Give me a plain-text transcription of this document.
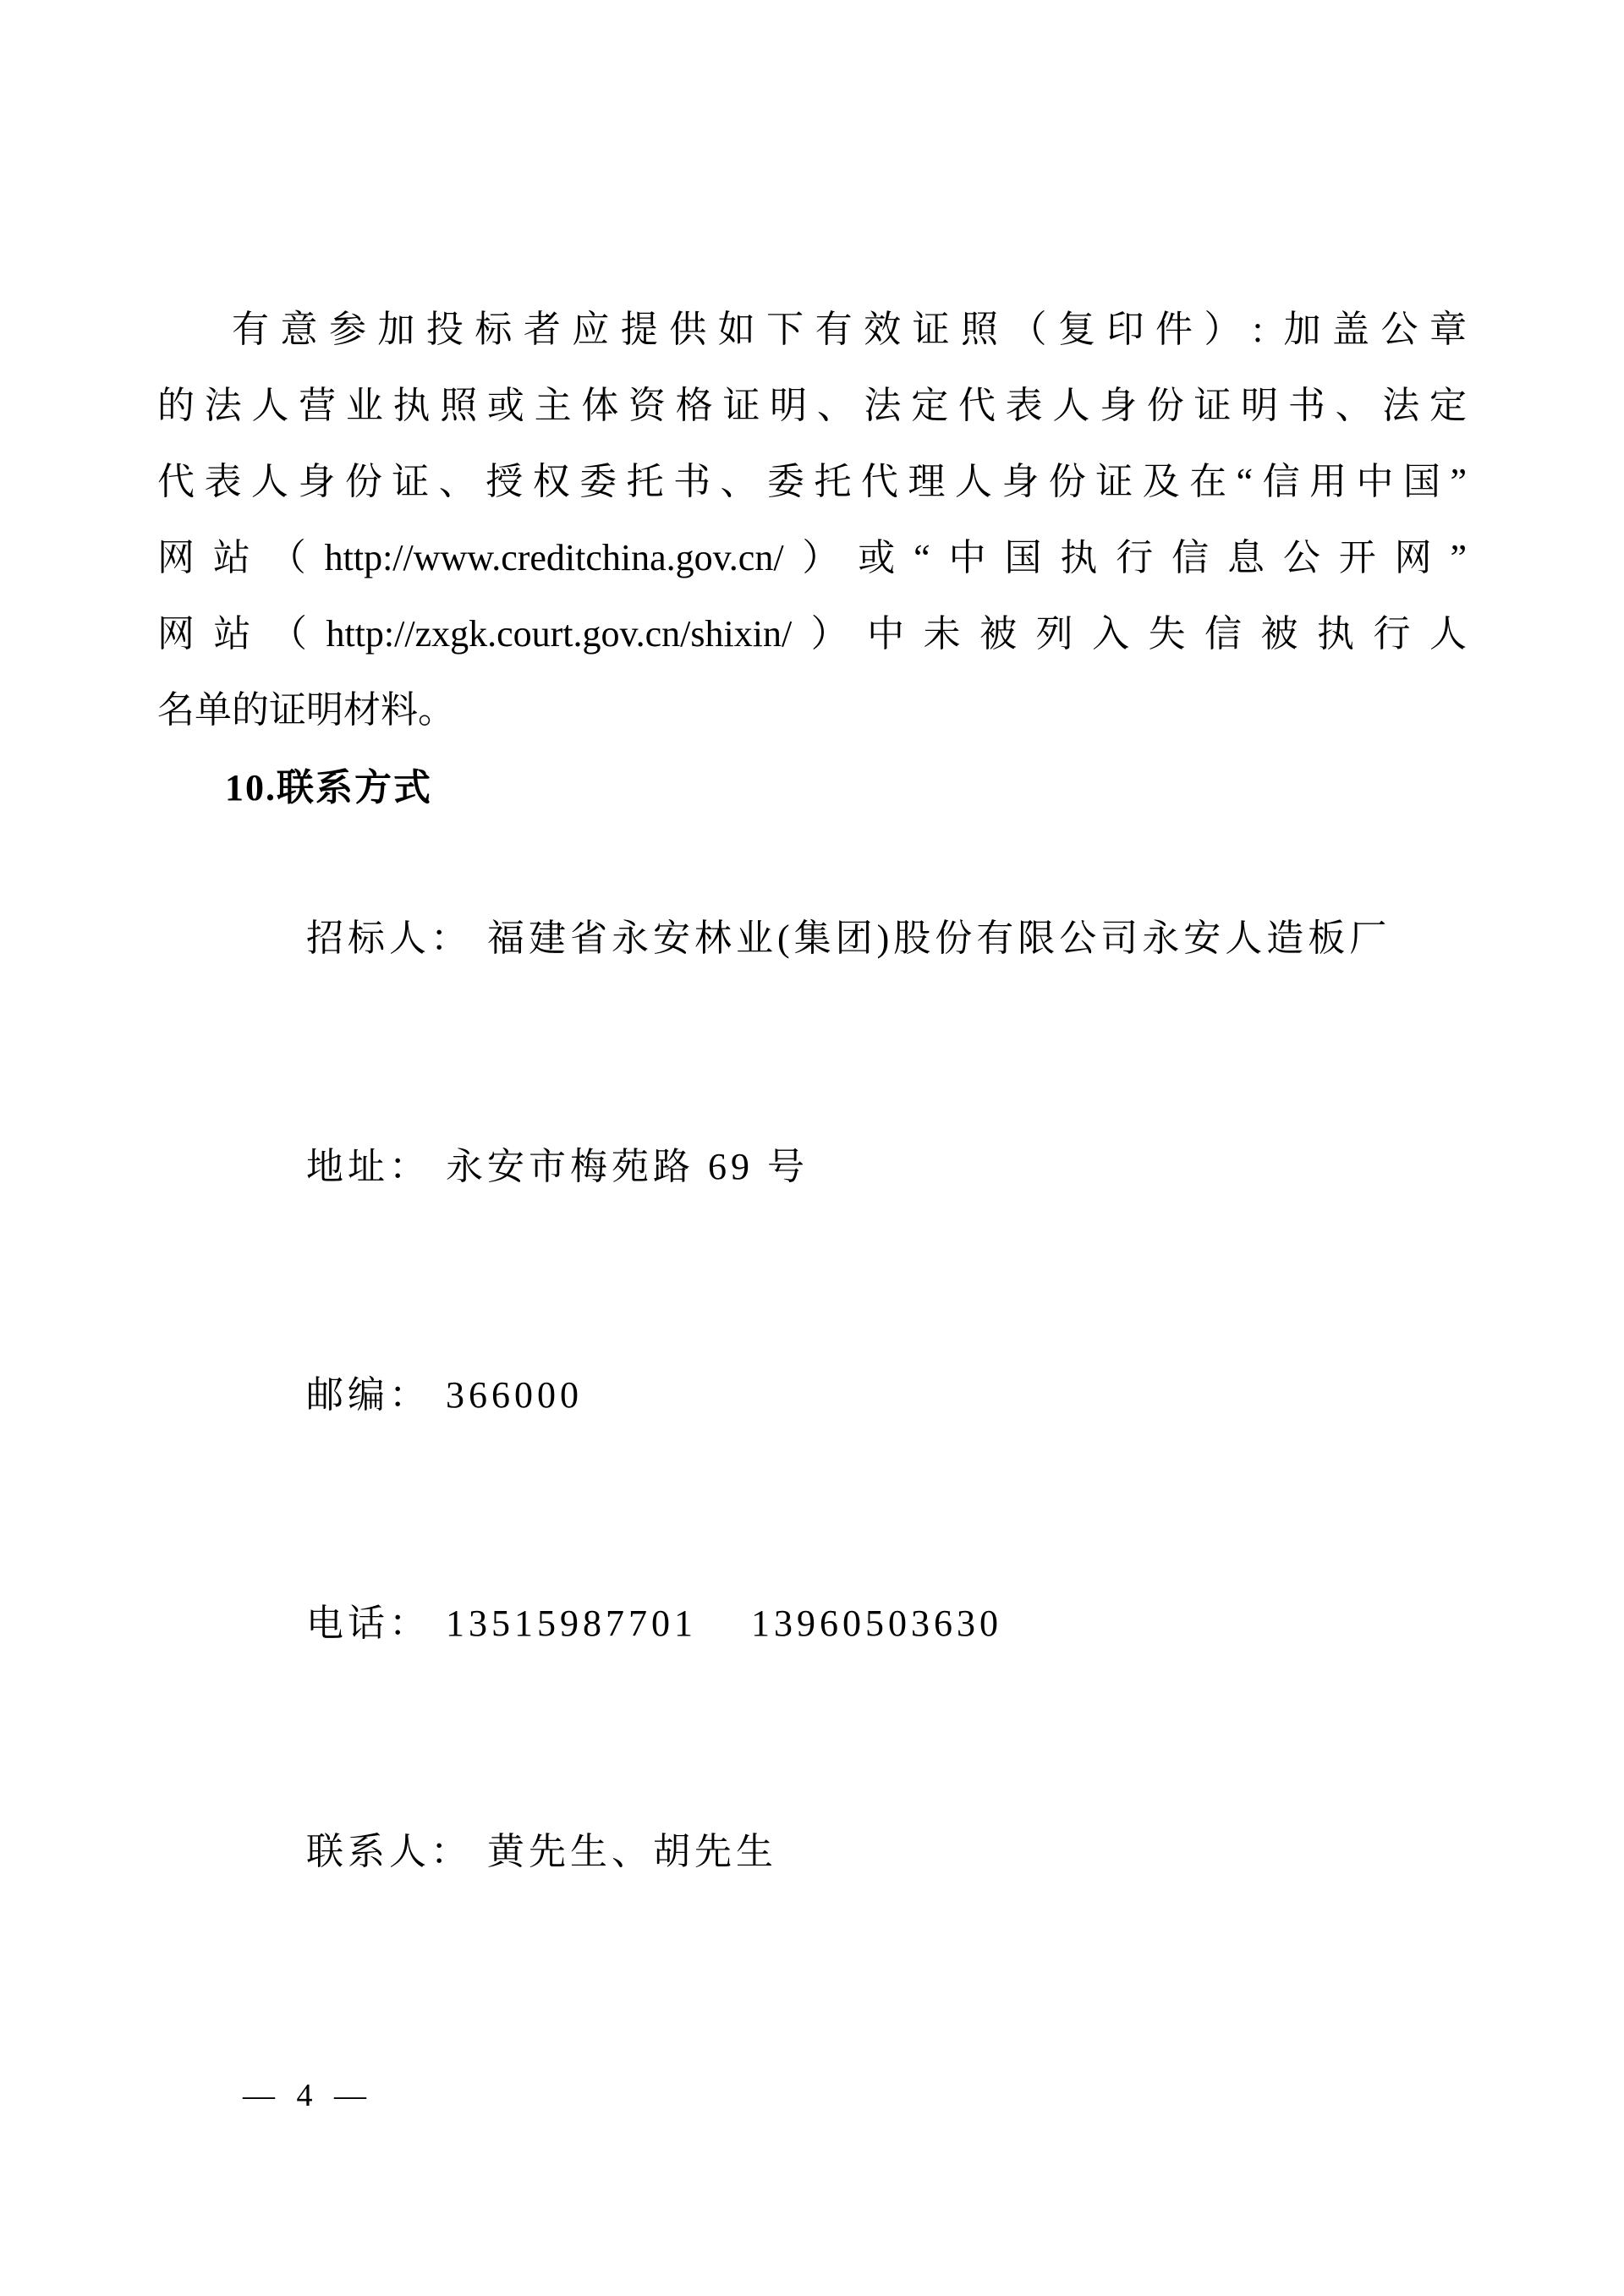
有意参加投标者应提供如下有效证照（复印件）: 加盖公章
的法人营业执照或主体资格证明、法定代表人身份证明书、法定
代表人身份证、授权委托书、委托代理人身份证及在“信用中国”
网站（http://www.creditchina.gov.cn/）或“中国执行信息公开网”
网站（http://zxgk.court.gov.cn/shixin/）中未被列入失信被执行人
名单的证明材料。
10.联系方式

招标人： 福建省永安林业(集团)股份有限公司永安人造板厂

地址： 永安市梅苑路 69 号

邮编： 366000

电话： 13515987701    13960503630

联系人： 黄先生、胡先生

— 4 —
